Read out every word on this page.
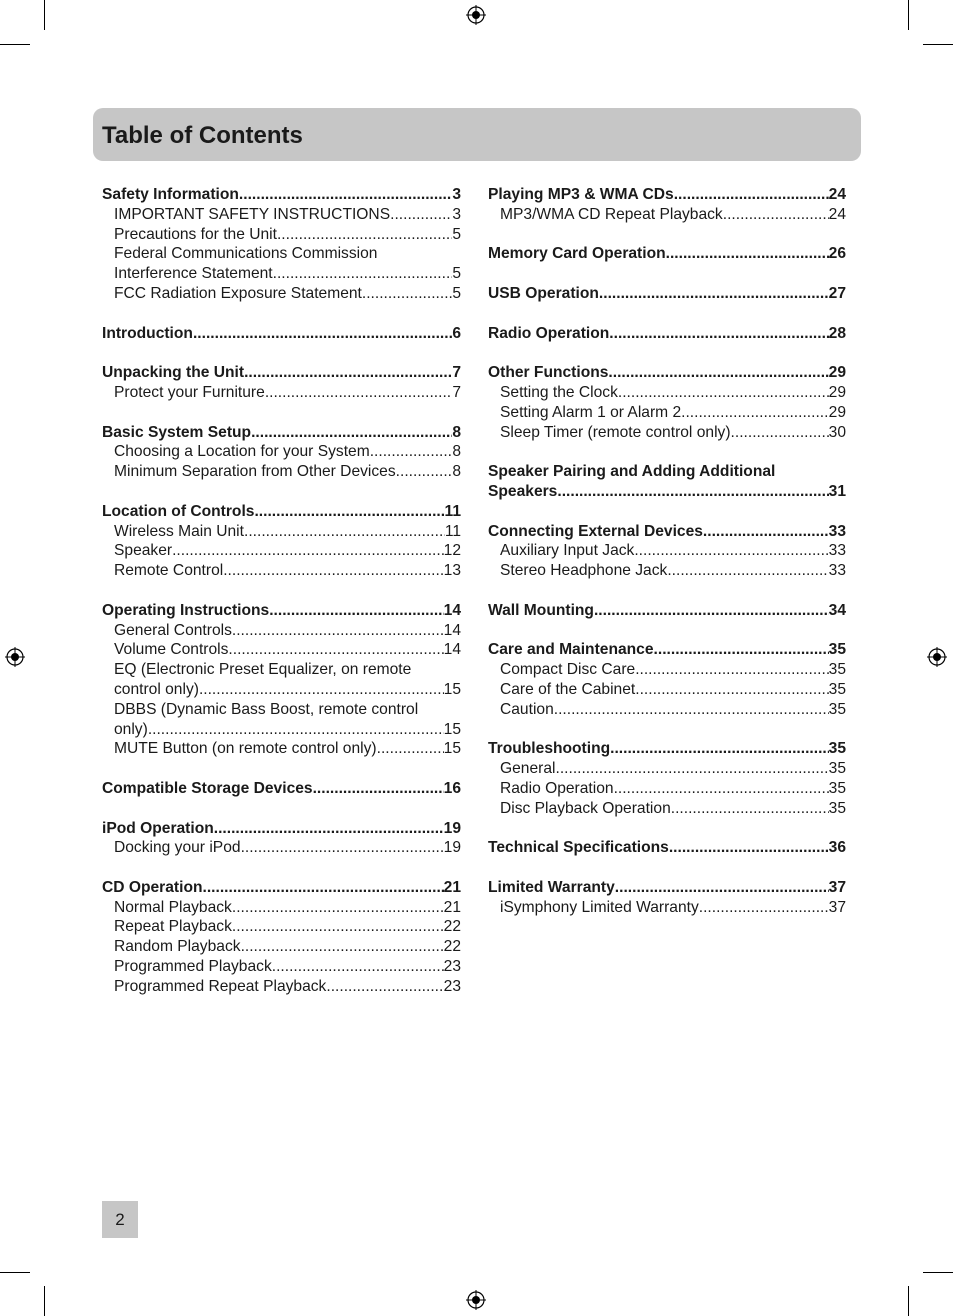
Table of Contents
Safety Information .....	3
IMPORTANT SAFETY INSTRUCTIONS .....	3
Precautions for the Unit .....	5
Federal Communications Commission
Interference Statement .....	5
FCC Radiation Exposure Statement .....	5
Introduction .....	6
Unpacking the Unit .....	7
Protect your Furniture .....	7
Basic System Setup .....	8
Choosing a Location for your System .....	8
Minimum Separation from Other Devices .....	8
Location of Controls .....	11
Wireless Main Unit .....	11
Speaker .....	12
Remote Control .....	13
Operating Instructions .....	14
General Controls .....	14
Volume Controls .....	14
EQ (Electronic Preset Equalizer, on remote
control only) .....	15
DBBS (Dynamic Bass Boost, remote control
only) .....	15
MUTE Button (on remote control only) .....	15
Compatible Storage Devices .....	16
iPod Operation .....	19
Docking your iPod .....	19
CD Operation .....	21
Normal Playback .....	21
Repeat Playback .....	22
Random Playback .....	22
Programmed Playback .....	23
Programmed Repeat Playback .....	23
Playing MP3 & WMA CDs .....	24
MP3/WMA CD Repeat Playback .....	24
Memory Card Operation .....	26
USB Operation .....	27
Radio Operation .....	28
Other Functions .....	29
Setting the Clock .....	29
Setting Alarm 1 or Alarm 2 .....	29
Sleep Timer (remote control only) .....	30
Speaker Pairing and Adding Additional
Speakers .....	31
Connecting External Devices .....	33
Auxiliary Input Jack .....	33
Stereo Headphone Jack .....	33
Wall Mounting .....	34
Care and Maintenance .....	35
Compact Disc Care .....	35
Care of the Cabinet .....	35
Caution .....	35
Troubleshooting .....	35
General .....	35
Radio Operation .....	35
Disc Playback Operation .....	35
Technical Specifications .....	36
Limited Warranty .....	37
iSymphony Limited Warranty .....	37
2
